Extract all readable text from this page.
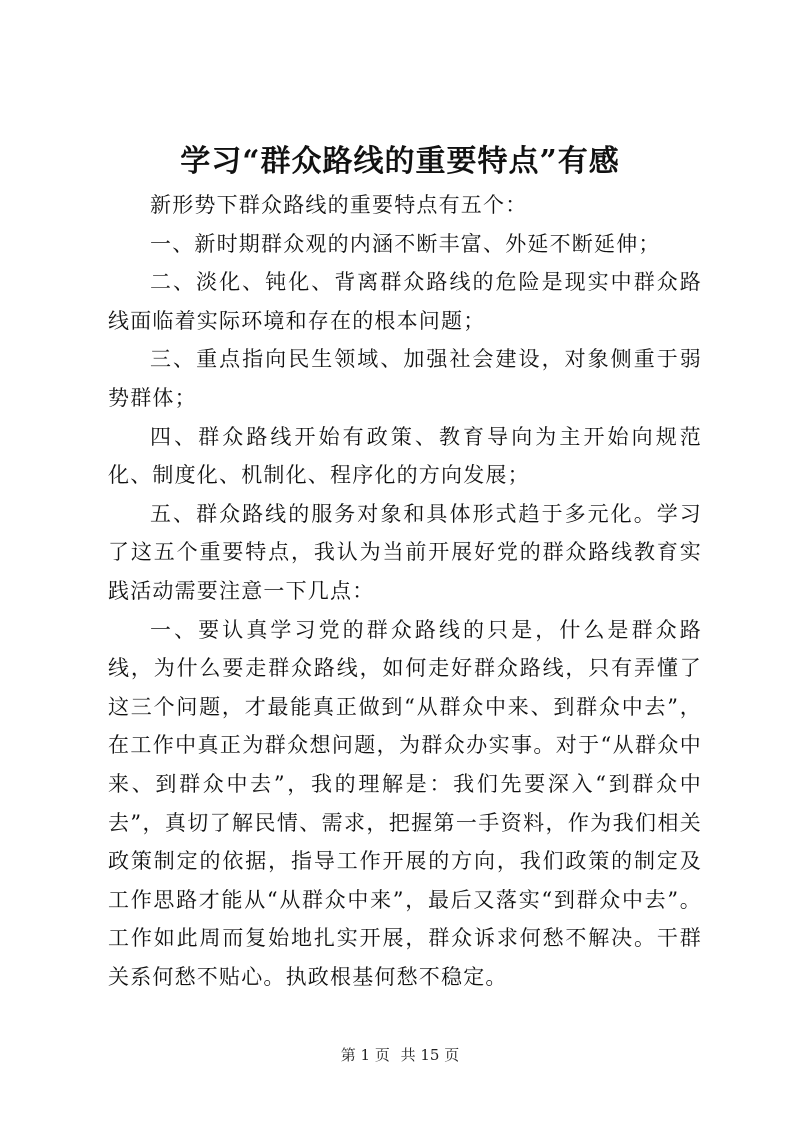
学习“群众路线的重要特点”有感

新形势下群众路线的重要特点有五个：

一、新时期群众观的内涵不断丰富、外延不断延伸；

二、淡化、钝化、背离群众路线的危险是现实中群众路线面临着实际环境和存在的根本问题；

三、重点指向民生领域、加强社会建设，对象侧重于弱势群体；

四、群众路线开始有政策、教育导向为主开始向规范化、制度化、机制化、程序化的方向发展；

五、群众路线的服务对象和具体形式趋于多元化。学习了这五个重要特点，我认为当前开展好党的群众路线教育实践活动需要注意一下几点：

一、要认真学习党的群众路线的只是，什么是群众路线，为什么要走群众路线，如何走好群众路线，只有弄懂了这三个问题，才最能真正做到“从群众中来、到群众中去”，在工作中真正为群众想问题，为群众办实事。对于“从群众中来、到群众中去”，我的理解是：我们先要深入“到群众中去”，真切了解民情、需求，把握第一手资料，作为我们相关政策制定的依据，指导工作开展的方向，我们政策的制定及工作思路才能从“从群众中来”，最后又落实“到群众中去”。工作如此周而复始地扎实开展，群众诉求何愁不解决。干群关系何愁不贴心。执政根基何愁不稳定。

第 1 页 共 15 页
